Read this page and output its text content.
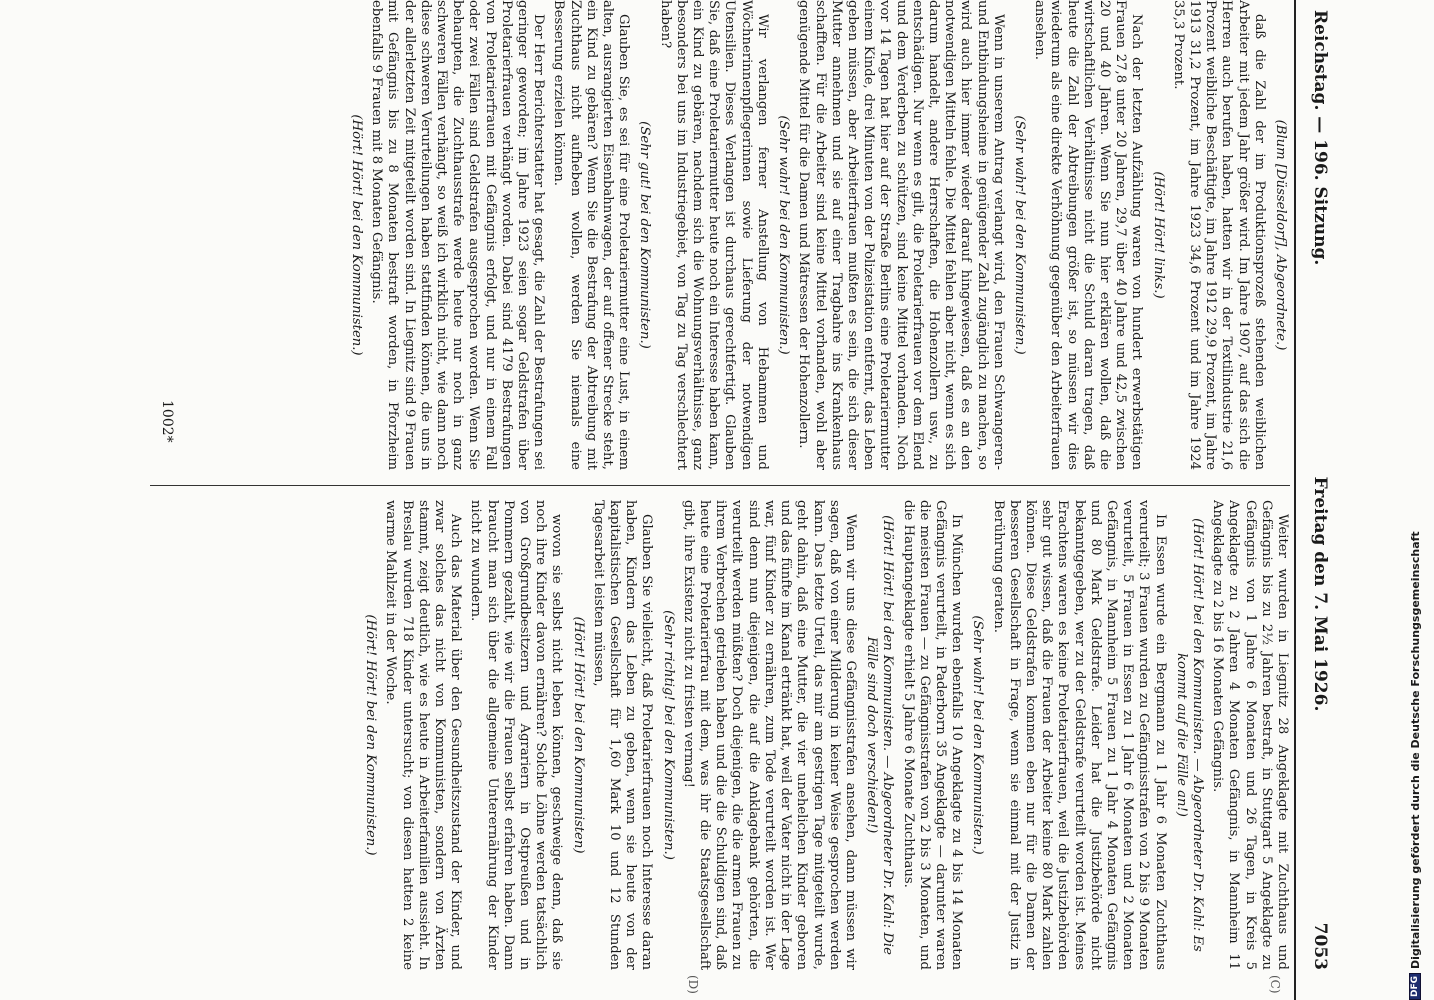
Reichstag. — 196. Sitzung.
Freitag den 7. Mai 1926.
7053

(Blum [Düsseldorf], Abgeordnete.)

daß die Zahl der im Produktionsprozeß stehenden weiblichen Arbeiter mit jedem Jahr größer wird. Im Jahre 1907, auf das sich die Herren auch berufen haben, hatten wir in der Textilindustrie 21,6 Prozent weibliche Beschäftigte, im Jahre 1912 29,9 Prozent, im Jahre 1913 31,2 Prozent, im Jahre 1923 34,6 Prozent und im Jahre 1924 35,3 Prozent.

(Hört! Hört! links.)

Nach der letzten Aufzählung waren von hundert erwerbstätigen Frauen 27,8 unter 20 Jahren, 29,7 über 40 Jahre und 42,5 zwischen 20 und 40 Jahren. Wenn Sie nun hier erklären wollen, daß die wirtschaftlichen Verhältnisse nicht die Schuld daran tragen, daß heute die Zahl der Abtreibungen größer ist, so müssen wir dies wiederum als eine direkte Verhöhnung gegenüber den Arbeiterfrauen ansehen.

(Sehr wahr! bei den Kommunisten.)

Wenn in unserem Antrag verlangt wird, den Frauen Schwangeren- und Entbindungsheime in genügender Zahl zugänglich zu machen, so wird auch hier immer wieder darauf hingewiesen, daß es an den notwendigen Mitteln fehle. Die Mittel fehlen aber nicht, wenn es sich darum handelt, andere Herrschaften, die Hohenzollern usw., zu entschädigen. Nur wenn es gilt, die Proletarierfrauen vor dem Elend und dem Verderben zu schützen, sind keine Mittel vorhanden. Noch vor 14 Tagen hat hier auf der Straße Berlins eine Proletariermutter einem Kinde, drei Minuten von der Polizeistation entfernt, das Leben geben müssen, aber Arbeiterfrauen mußten es sein, die sich dieser Mutter annehmen und sie auf einer Tragbahre ins Krankenhaus schafften. Für die Arbeiter sind keine Mittel vorhanden, wohl aber genügende Mittel für die Damen und Mätressen der Hohenzollern.

(Sehr wahr! bei den Kommunisten.)

Wir verlangen ferner Anstellung von Hebammen und Wöchnerinnenpflegerinnen sowie Lieferung der notwendigen Utensilien. Dieses Verlangen ist durchaus gerechtfertigt. Glauben Sie, daß eine Proletariermutter heute noch ein Interesse haben kann, ein Kind zu gebären, nachdem sich die Wohnungsverhältnisse, ganz besonders bei uns im Industriegebiet, von Tag zu Tag verschlechtert haben?

(Sehr gut! bei den Kommunisten.)

Glauben Sie, es sei für eine Proletariermutter eine Lust, in einem alten, ausrangierten Eisenbahnwagen, der auf offener Strecke steht, ein Kind zu gebären? Wenn Sie die Bestrafung der Abtreibung mit Zuchthaus nicht aufheben wollen, werden Sie niemals eine Besserung erzielen können.

Der Herr Berichterstatter hat gesagt, die Zahl der Bestrafungen sei geringer geworden; im Jahre 1923 seien sogar Geldstrafen über Proletarierfrauen verhängt worden. Dabei sind 4179 Bestrafungen von Proletarierfrauen mit Gefängnis erfolgt, und nur in einem Fall oder zwei Fällen sind Geldstrafen ausgesprochen worden. Wenn Sie behaupten, die Zuchthausstrafe werde heute nur noch in ganz schweren Fällen verhängt, so weiß ich wirklich nicht, wie dann noch diese schweren Verurteilungen haben stattfinden können, die uns in der allerletzten Zeit mitgeteilt worden sind. In Liegnitz sind 9 Frauen mit Gefängnis bis zu 8 Monaten bestraft worden, in Pforzheim ebenfalls 9 Frauen mit 8 Monaten Gefängnis.

(Hört! Hört! bei den Kommunisten.)

Weiter wurden in Liegnitz 28 Angeklagte mit Zuchthaus und Gefängnis bis zu 2½ Jahren bestraft, in Stuttgart 5 Angeklagte zu Gefängnis von 1 Jahre 6 Monaten und 26 Tagen, in Kreis 5 Angeklagte zu 2 Jahren 4 Monaten Gefängnis, in Mannheim 11 Angeklagte zu 2 bis 16 Monaten Gefängnis.

(Hört! Hört! bei den Kommunisten. — Abgeordneter Dr. Kahl: Es kommt auf die Fälle an!)

In Essen wurde ein Bergmann zu 1 Jahr 6 Monaten Zuchthaus verurteilt; 3 Frauen wurden zu Gefängnisstrafen von 2 bis 9 Monaten verurteilt, 5 Frauen in Essen zu 1 Jahr 6 Monaten und 2 Monaten Gefängnis, in Mannheim 5 Frauen zu 1 Jahr 4 Monaten Gefängnis und 80 Mark Geldstrafe. Leider hat die Justizbehörde nicht bekanntgegeben, wer zu der Geldstrafe verurteilt worden ist. Meines Erachtens waren es keine Proletarierfrauen, weil die Justizbehörden sehr gut wissen, daß die Frauen der Arbeiter keine 80 Mark zahlen können. Diese Geldstrafen kommen eben nur für die Damen der besseren Gesellschaft in Frage, wenn sie einmal mit der Justiz in Berührung geraten.

(Sehr wahr! bei den Kommunisten.)

In München wurden ebenfalls 10 Angeklagte zu 4 bis 14 Monaten Gefängnis verurteilt, in Paderborn 35 Angeklagte — darunter waren die meisten Frauen — zu Gefängnisstrafen von 2 bis 3 Monaten, und die Hauptangeklagte erhielt 5 Jahre 6 Monate Zuchthaus.

(Hört! Hört! bei den Kommunisten. — Abgeordneter Dr. Kahl: Die Fälle sind doch verschieden!)

Wenn wir uns diese Gefängnisstrafen ansehen, dann müssen wir sagen, daß von einer Milderung in keiner Weise gesprochen werden kann. Das letzte Urteil, das mir am gestrigen Tage mitgeteilt wurde, geht dahin, daß eine Mutter, die vier unehelichen Kinder geboren und das fünfte im Kanal ertränkt hat, weil der Vater nicht in der Lage war, fünf Kinder zu ernähren, zum Tode verurteilt worden ist. Wer sind denn nun diejenigen, die auf die Anklagebank gehörten, die verurteilt werden müßten? Doch diejenigen, die die armen Frauen zu ihrem Verbrechen getrieben haben und die die Schuldigen sind, daß heute eine Proletarierfrau mit dem, was ihr die Staatsgesellschaft gibt, ihre Existenz nicht zu fristen vermag!

(Sehr richtig! bei den Kommunisten.)

Glauben Sie vielleicht, daß Proletarierfrauen noch Interesse daran haben, Kindern das Leben zu geben, wenn sie heute von der kapitalistischen Gesellschaft für 1,60 Mark 10 und 12 Stunden Tagesarbeit leisten müssen,

(Hört! Hört! bei den Kommunisten)

wovon sie selbst nicht leben können, geschweige denn, daß sie noch ihre Kinder davon ernähren? Solche Löhne werden tatsächlich von Großgrundbesitzern und Agrariern in Ostpreußen und in Pommern gezahlt, wie wir die Frauen selbst erfahren haben. Dann braucht man sich über die allgemeine Unterernährung der Kinder nicht zu wundern.

Auch das Material über den Gesundheitszustand der Kinder, und zwar solches das nicht von Kommunisten, sondern von Ärzten stammt, zeigt deutlich, wie es heute in Arbeiterfamilien aussieht. In Breslau wurden 718 Kinder untersucht; von diesen hatten 2 keine warme Mahlzeit in der Woche.

(Hört! Hört! bei den Kommunisten.)

(C)
(D)
1002*
DFG
Digitalisierung gefördert durch die Deutsche Forschungsgemeinschaft
